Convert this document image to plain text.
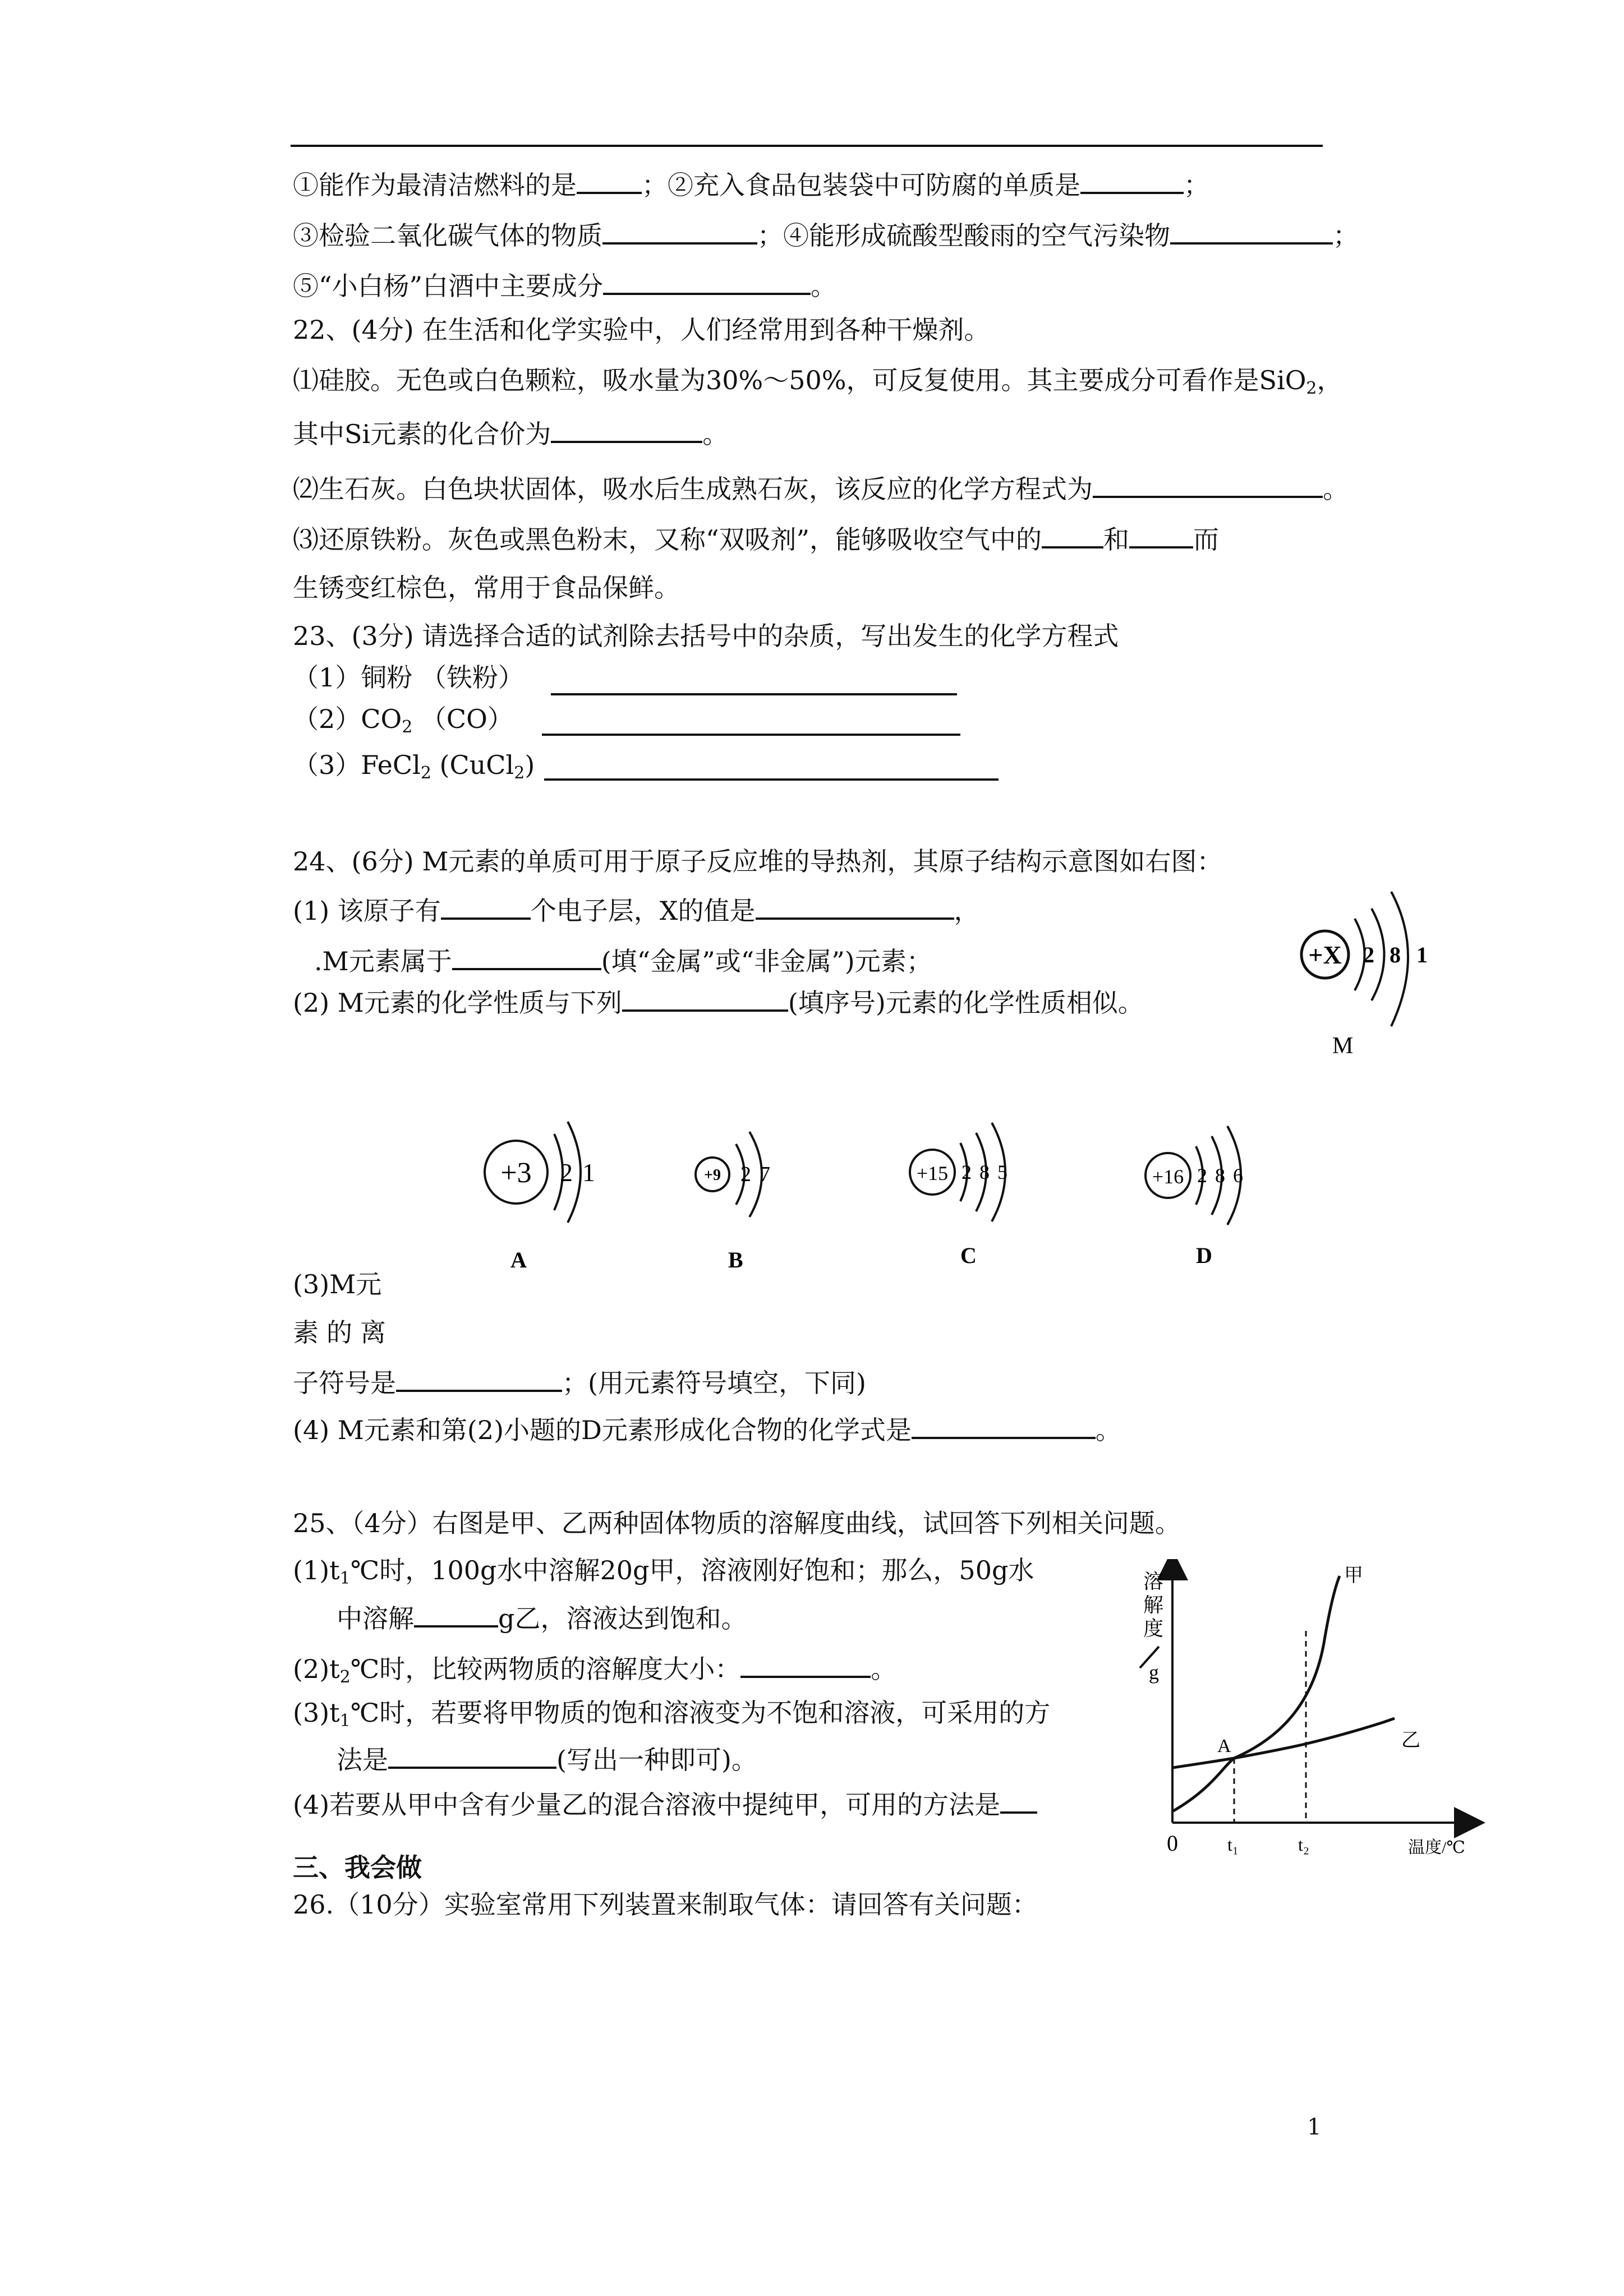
①能作为最清洁燃料的是	；②充入食品包装袋中可防腐的单质是	；
③检验二氧化碳气体的物质	；④能形成硫酸型酸雨的空气污染物	；
⑤“小白杨”白酒中主要成分	。
22、(4分) 在生活和化学实验中，人们经常用到各种干燥剂。
⑴硅胶。无色或白色颗粒，吸水量为30%～50%，可反复使用。其主要成分可看作是SiO$_2$，
其中Si元素的化合价为	。
⑵生石灰。白色块状固体，吸水后生成熟石灰，该反应的化学方程式为	。
⑶还原铁粉。灰色或黑色粉末，又称“双吸剂”，能够吸收空气中的 和 而
生锈变红棕色，常用于食品保鲜。
23、(3分) 请选择合适的试剂除去括号中的杂质，写出发生的化学方程式
（1）铜粉 （铁粉）
$(2)CO_2$ （CO）
（3）FeCl$_2$ (CuCl$_2$)
24、(6分) M元素的单质可用于原子反应堆的导热剂，其原子结构示意图如右图：
(1) 该原子有	个电子层，X的值是	，
.M元素属于	(填“金属”或“非金属”)元素；
(2) M元素的化学性质与下列	(填序号)元素的化学性质相似。
+X 2 8 1
M
+3 2 1
A
+9 2 7
B
+15 2 8 5
C
+16 2 8 6
D
(3)M元
素的离
子符号是	；(用元素符号填空，下同)
(4) M元素和第(2)小题的D元素形成化合物的化学式是	。
25、（4分）右图是甲、乙两种固体物质的溶解度曲线，试回答下列相关问题。
$(1)t_1℃$时，100g水中溶解20g甲，溶液刚好饱和；那么，50g水
中溶解	g乙，溶液达到饱和。
$(2)t_2℃$时，比较两物质的溶解度大小：	。
$(3)t_1℃$时，若要将甲物质的饱和溶液变为不饱和溶液，可采用的方
法是	(写出一种即可)。
(4)若要从甲中含有少量乙的混合溶液中提纯甲，可用的方法是
溶
解
度
g
A
甲
乙
0	t₁	t₂	温度/℃
三、我会做
26.（10分）实验室常用下列装置来制取气体：请回答有关问题：
1
